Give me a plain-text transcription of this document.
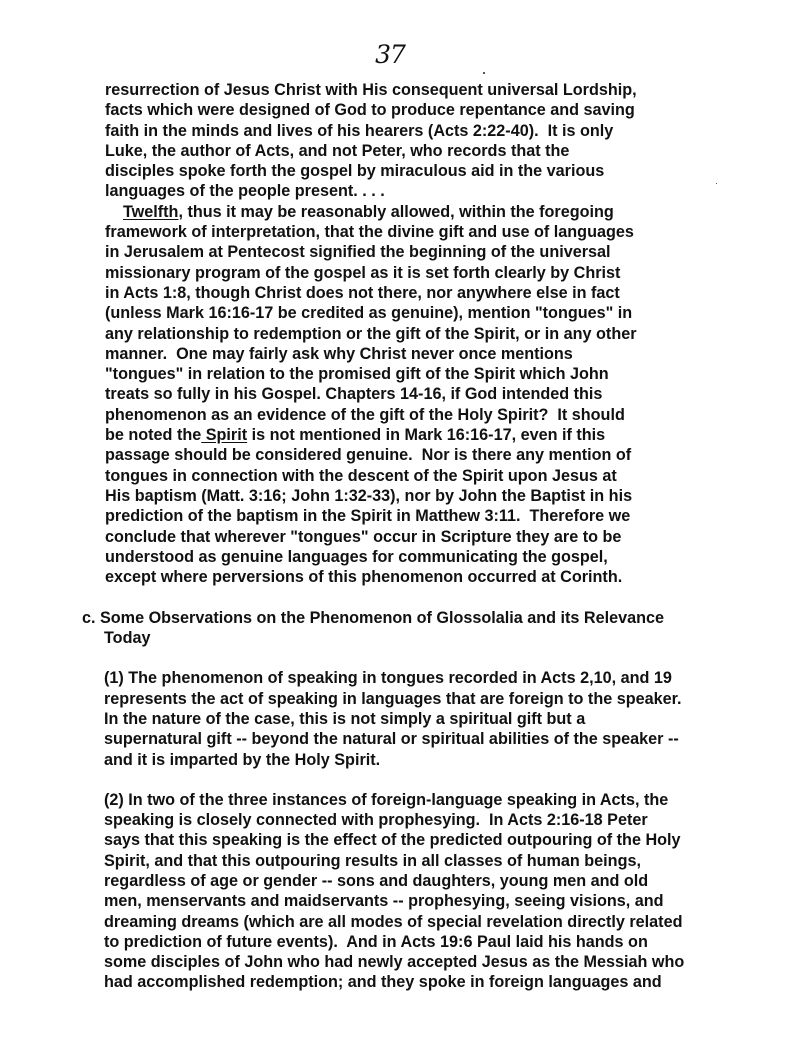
37
resurrection of Jesus Christ with His consequent universal Lordship,
facts which were designed of God to produce repentance and saving
faith in the minds and lives of his hearers (Acts 2:22-40).  It is only
Luke, the author of Acts, and not Peter, who records that the
disciples spoke forth the gospel by miraculous aid in the various
languages of the people present. . . .
Twelfth, thus it may be reasonably allowed, within the foregoing
framework of interpretation, that the divine gift and use of languages
in Jerusalem at Pentecost signified the beginning of the universal
missionary program of the gospel as it is set forth clearly by Christ
in Acts 1:8, though Christ does not there, nor anywhere else in fact
(unless Mark 16:16-17 be credited as genuine), mention "tongues" in
any relationship to redemption or the gift of the Spirit, or in any other
manner.  One may fairly ask why Christ never once mentions
"tongues" in relation to the promised gift of the Spirit which John
treats so fully in his Gospel. Chapters 14-16, if God intended this
phenomenon as an evidence of the gift of the Holy Spirit?  It should
be noted the Spirit is not mentioned in Mark 16:16-17, even if this
passage should be considered genuine.  Nor is there any mention of
tongues in connection with the descent of the Spirit upon Jesus at
His baptism (Matt. 3:16; John 1:32-33), nor by John the Baptist in his
prediction of the baptism in the Spirit in Matthew 3:11.  Therefore we
conclude that wherever "tongues" occur in Scripture they are to be
understood as genuine languages for communicating the gospel,
except where perversions of this phenomenon occurred at Corinth.
c. Some Observations on the Phenomenon of Glossolalia and its Relevance
Today
(1) The phenomenon of speaking in tongues recorded in Acts 2,10, and 19
represents the act of speaking in languages that are foreign to the speaker.
In the nature of the case, this is not simply a spiritual gift but a
supernatural gift -- beyond the natural or spiritual abilities of the speaker --
and it is imparted by the Holy Spirit.
(2) In two of the three instances of foreign-language speaking in Acts, the
speaking is closely connected with prophesying.  In Acts 2:16-18 Peter
says that this speaking is the effect of the predicted outpouring of the Holy
Spirit, and that this outpouring results in all classes of human beings,
regardless of age or gender -- sons and daughters, young men and old
men, menservants and maidservants -- prophesying, seeing visions, and
dreaming dreams (which are all modes of special revelation directly related
to prediction of future events).  And in Acts 19:6 Paul laid his hands on
some disciples of John who had newly accepted Jesus as the Messiah who
had accomplished redemption; and they spoke in foreign languages and
